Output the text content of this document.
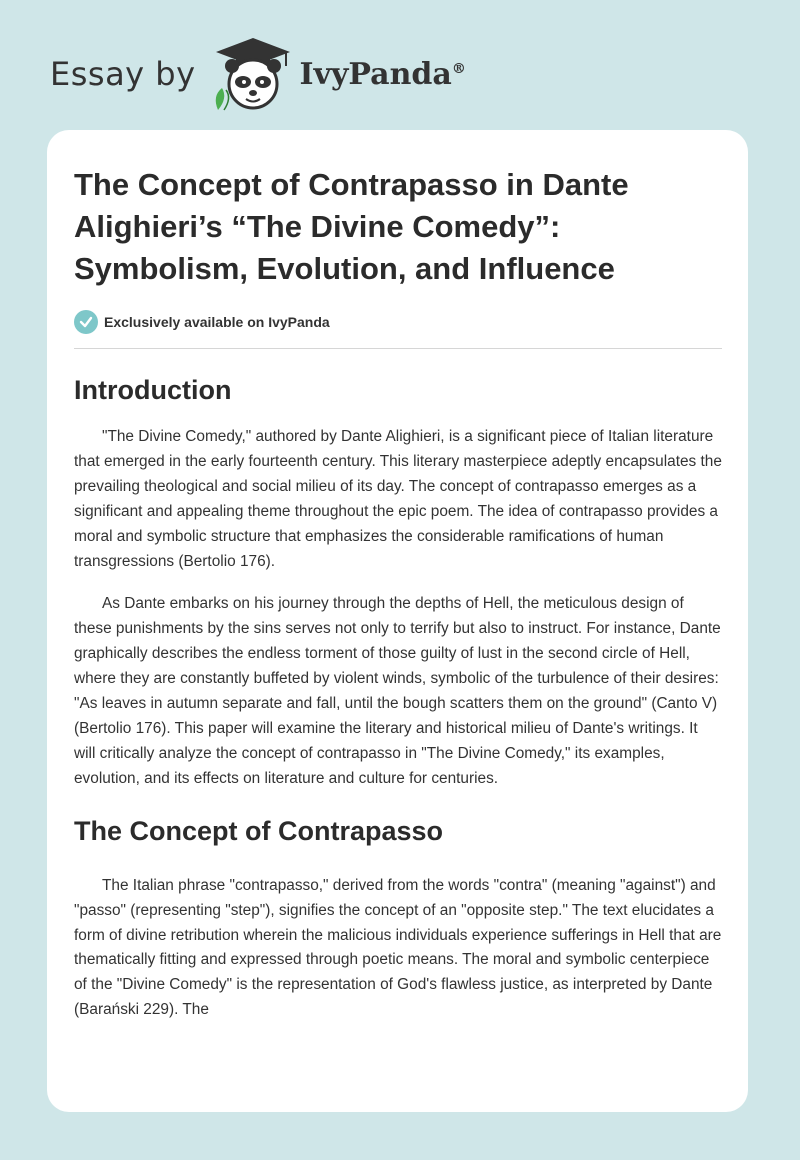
Essay by	IvyPanda®
The Concept of Contrapasso in Dante Alighieri’s “The Divine Comedy”: Symbolism, Evolution, and Influence
Exclusively available on IvyPanda
Introduction

"The Divine Comedy," authored by Dante Alighieri, is a significant piece of Italian literature that emerged in the early fourteenth century. This literary masterpiece adeptly encapsulates the prevailing theological and social milieu of its day. The concept of contrapasso emerges as a significant and appealing theme throughout the epic poem. The idea of contrapasso provides a moral and symbolic structure that emphasizes the considerable ramifications of human transgressions (Bertolio 176).

As Dante embarks on his journey through the depths of Hell, the meticulous design of these punishments by the sins serves not only to terrify but also to instruct. For instance, Dante graphically describes the endless torment of those guilty of lust in the second circle of Hell, where they are constantly buffeted by violent winds, symbolic of the turbulence of their desires: "As leaves in autumn separate and fall, until the bough scatters them on the ground" (Canto V) (Bertolio 176). This paper will examine the literary and historical milieu of Dante's writings. It will critically analyze the concept of contrapasso in "The Divine Comedy," its examples, evolution, and its effects on literature and culture for centuries.

The Concept of Contrapasso

The Italian phrase "contrapasso," derived from the words "contra" (meaning "against") and "passo" (representing "step"), signifies the concept of an "opposite step." The text elucidates a form of divine retribution wherein the malicious individuals experience sufferings in Hell that are thematically fitting and expressed through poetic means. The moral and symbolic centerpiece of the "Divine Comedy" is the representation of God's flawless justice, as interpreted by Dante (Barański 229). The
